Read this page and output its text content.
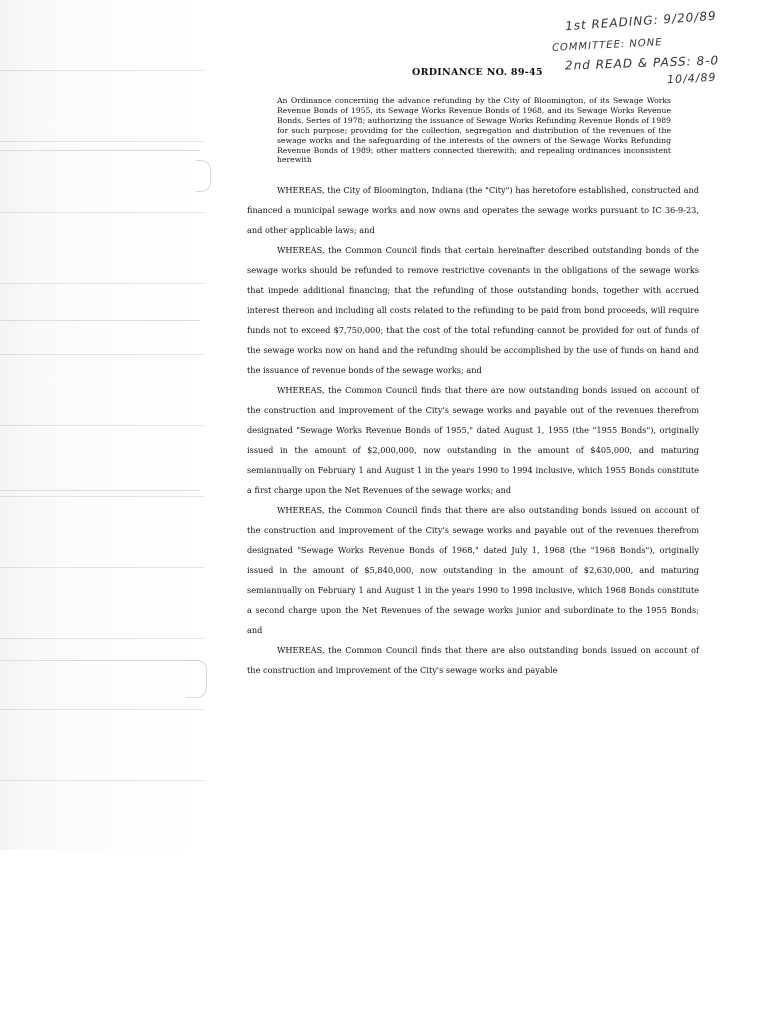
1st READING: 9/20/89
COMMITTEE: NONE
2nd READ & PASS: 8-0
10/4/89
ORDINANCE NO. 89-45

An Ordinance concerning the advance refunding by the City of Bloomington, of its Sewage Works Revenue Bonds of 1955, its Sewage Works Revenue Bonds of 1968, and its Sewage Works Revenue Bonds, Series of 1978; authorizing the issuance of Sewage Works Refunding Revenue Bonds of 1989 for such purpose; providing for the collection, segregation and distribution of the revenues of the sewage works and the safeguarding of the interests of the owners of the Sewage Works Refunding Revenue Bonds of 1989; other matters connected therewith; and repealing ordinances inconsistent herewith

WHEREAS, the City of Bloomington, Indiana (the "City") has heretofore established, constructed and financed a municipal sewage works and now owns and operates the sewage works pursuant to IC 36-9-23, and other applicable laws; and

WHEREAS, the Common Council finds that certain hereinafter described outstanding bonds of the sewage works should be refunded to remove restrictive covenants in the obligations of the sewage works that impede additional financing; that the refunding of those outstanding bonds, together with accrued interest thereon and including all costs related to the refunding to be paid from bond proceeds, will require funds not to exceed $7,750,000; that the cost of the total refunding cannot be provided for out of funds of the sewage works now on hand and the refunding should be accomplished by the use of funds on hand and the issuance of revenue bonds of the sewage works; and

WHEREAS, the Common Council finds that there are now outstanding bonds issued on account of the construction and improvement of the City's sewage works and payable out of the revenues therefrom designated "Sewage Works Revenue Bonds of 1955," dated August 1, 1955 (the "1955 Bonds"), originally issued in the amount of $2,000,000, now outstanding in the amount of $405,000, and maturing semiannually on February 1 and August 1 in the years 1990 to 1994 inclusive, which 1955 Bonds constitute a first charge upon the Net Revenues of the sewage works; and

WHEREAS, the Common Council finds that there are also outstanding bonds issued on account of the construction and improvement of the City's sewage works and payable out of the revenues therefrom designated "Sewage Works Revenue Bonds of 1968," dated July 1, 1968 (the "1968 Bonds"), originally issued in the amount of $5,840,000, now outstanding in the amount of $2,630,000, and maturing semiannually on February 1 and August 1 in the years 1990 to 1998 inclusive, which 1968 Bonds constitute a second charge upon the Net Revenues of the sewage works junior and subordinate to the 1955 Bonds; and

WHEREAS, the Common Council finds that there are also outstanding bonds issued on account of the construction and improvement of the City's sewage works and payable
